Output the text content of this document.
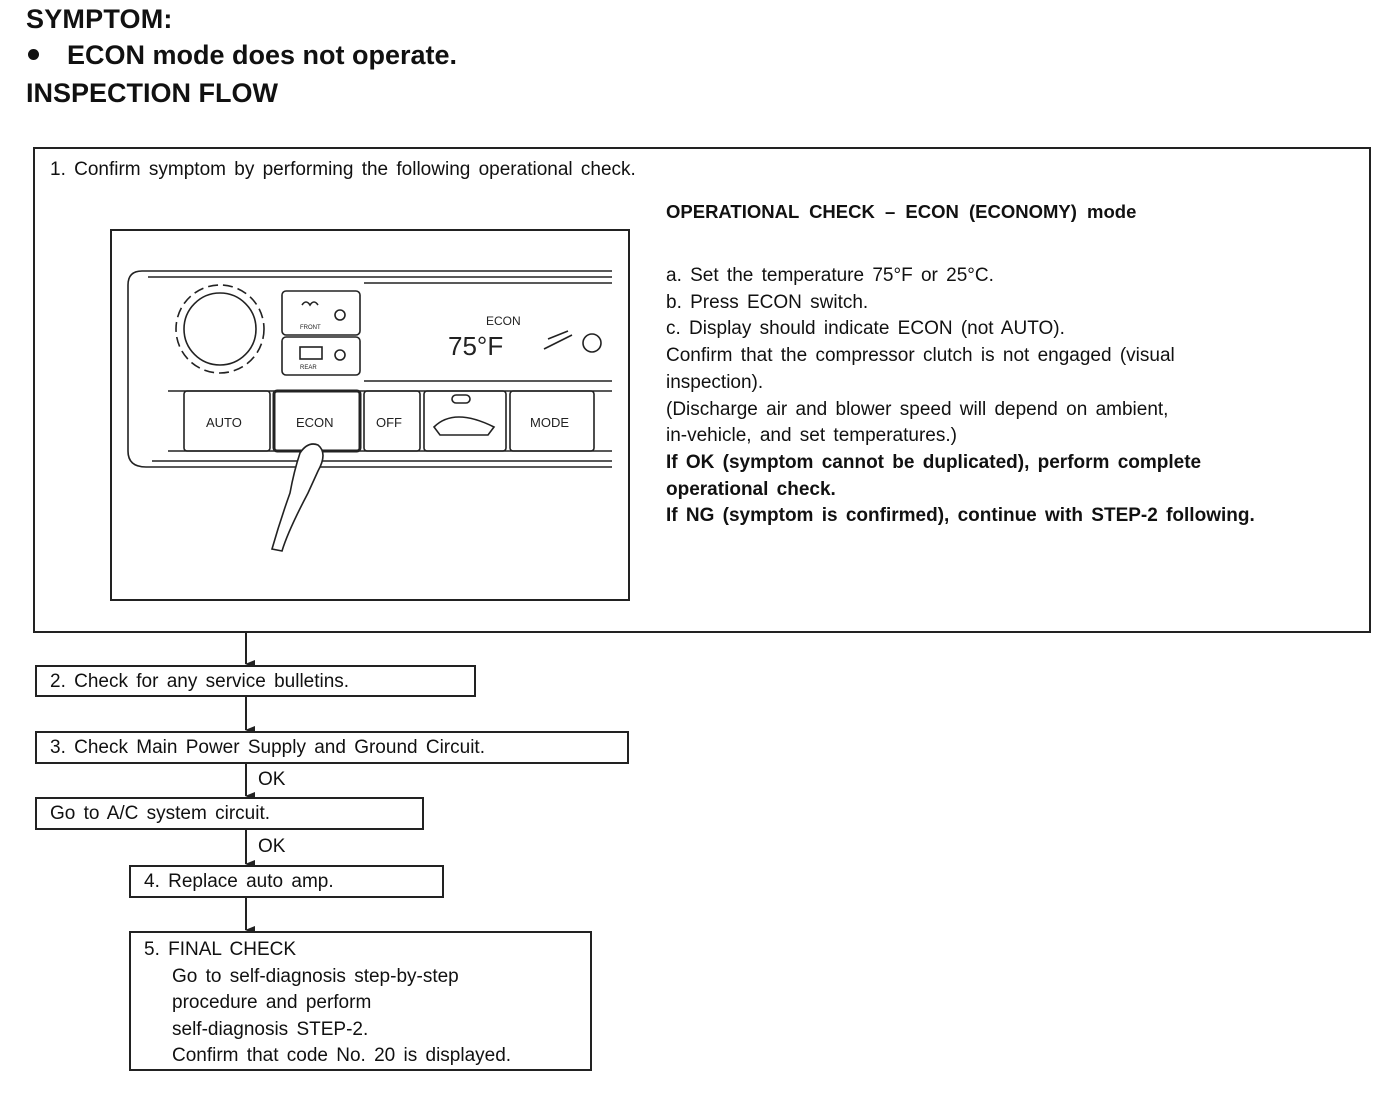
SYMPTOM:
ECON mode does not operate.
INSPECTION FLOW
1. Confirm symptom by performing the following operational check.
OPERATIONAL CHECK – ECON (ECONOMY) mode
a. Set the temperature 75°F or 25°C.
b. Press ECON switch.
c. Display should indicate ECON (not AUTO).
Confirm that the compressor clutch is not engaged (visual
inspection).
(Discharge air and blower speed will depend on ambient,
in-vehicle, and set temperatures.)
If OK (symptom cannot be duplicated), perform complete
operational check.
If NG (symptom is confirmed), continue with STEP-2 following.
ECON
75°F
FRONT
REAR
AUTO	ECON	OFF	MODE
2. Check for any service bulletins.
3. Check Main Power Supply and Ground Circuit.
OK
Go to A/C system circuit.
OK
4. Replace auto amp.
5. FINAL CHECK
Go to self-diagnosis step-by-step
procedure and perform
self-diagnosis STEP-2.
Confirm that code No. 20 is displayed.
